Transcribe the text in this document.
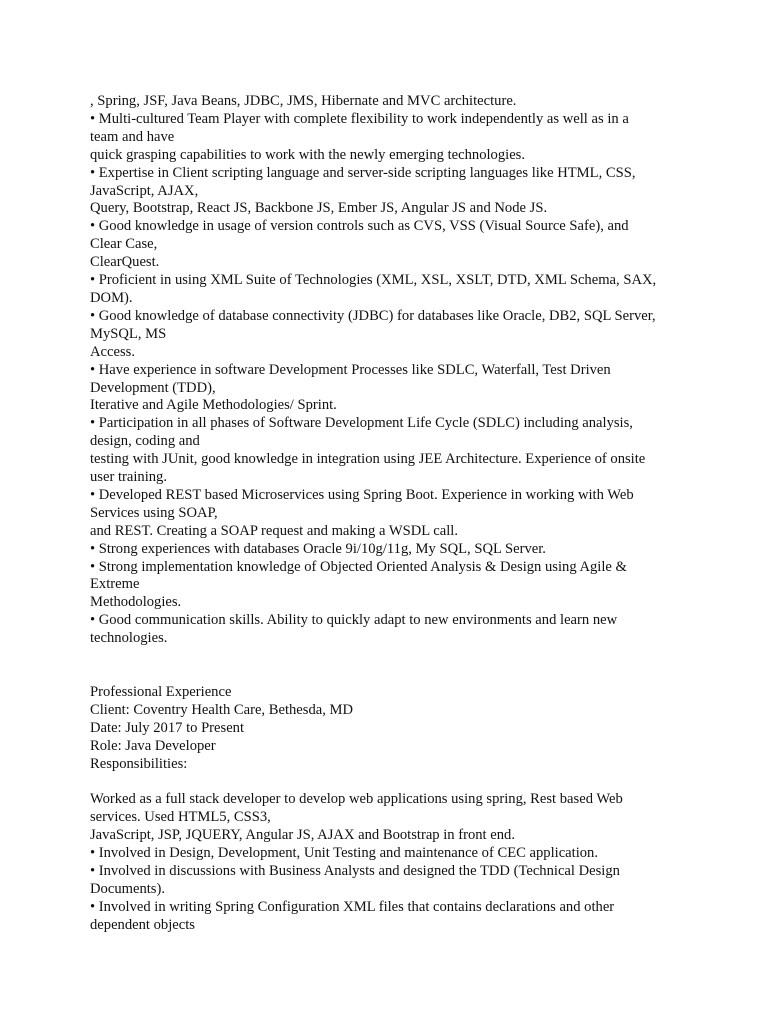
, Spring, JSF, Java Beans, JDBC, JMS, Hibernate and MVC architecture.
• Multi-cultured Team Player with complete flexibility to work independently as well as in a
team and have
quick grasping capabilities to work with the newly emerging technologies.
• Expertise in Client scripting language and server-side scripting languages like HTML, CSS,
JavaScript, AJAX,
Query, Bootstrap, React JS, Backbone JS, Ember JS, Angular JS and Node JS.
• Good knowledge in usage of version controls such as CVS, VSS (Visual Source Safe), and
Clear Case,
ClearQuest.
• Proficient in using XML Suite of Technologies (XML, XSL, XSLT, DTD, XML Schema, SAX,
DOM).
• Good knowledge of database connectivity (JDBC) for databases like Oracle, DB2, SQL Server,
MySQL, MS
Access.
• Have experience in software Development Processes like SDLC, Waterfall, Test Driven
Development (TDD),
Iterative and Agile Methodologies/ Sprint.
• Participation in all phases of Software Development Life Cycle (SDLC) including analysis,
design, coding and
testing with JUnit, good knowledge in integration using JEE Architecture. Experience of onsite
user training.
• Developed REST based Microservices using Spring Boot. Experience in working with Web
Services using SOAP,
and REST. Creating a SOAP request and making a WSDL call.
• Strong experiences with databases Oracle 9i/10g/11g, My SQL, SQL Server.
• Strong implementation knowledge of Objected Oriented Analysis & Design using Agile &
Extreme
Methodologies.
• Good communication skills. Ability to quickly adapt to new environments and learn new
technologies.
Professional Experience
Client: Coventry Health Care, Bethesda, MD
Date: July 2017 to Present
Role: Java Developer
Responsibilities:
Worked as a full stack developer to develop web applications using spring, Rest based Web
services. Used HTML5, CSS3,
JavaScript, JSP, JQUERY, Angular JS, AJAX and Bootstrap in front end.
• Involved in Design, Development, Unit Testing and maintenance of CEC application.
• Involved in discussions with Business Analysts and designed the TDD (Technical Design
Documents).
• Involved in writing Spring Configuration XML files that contains declarations and other
dependent objects
